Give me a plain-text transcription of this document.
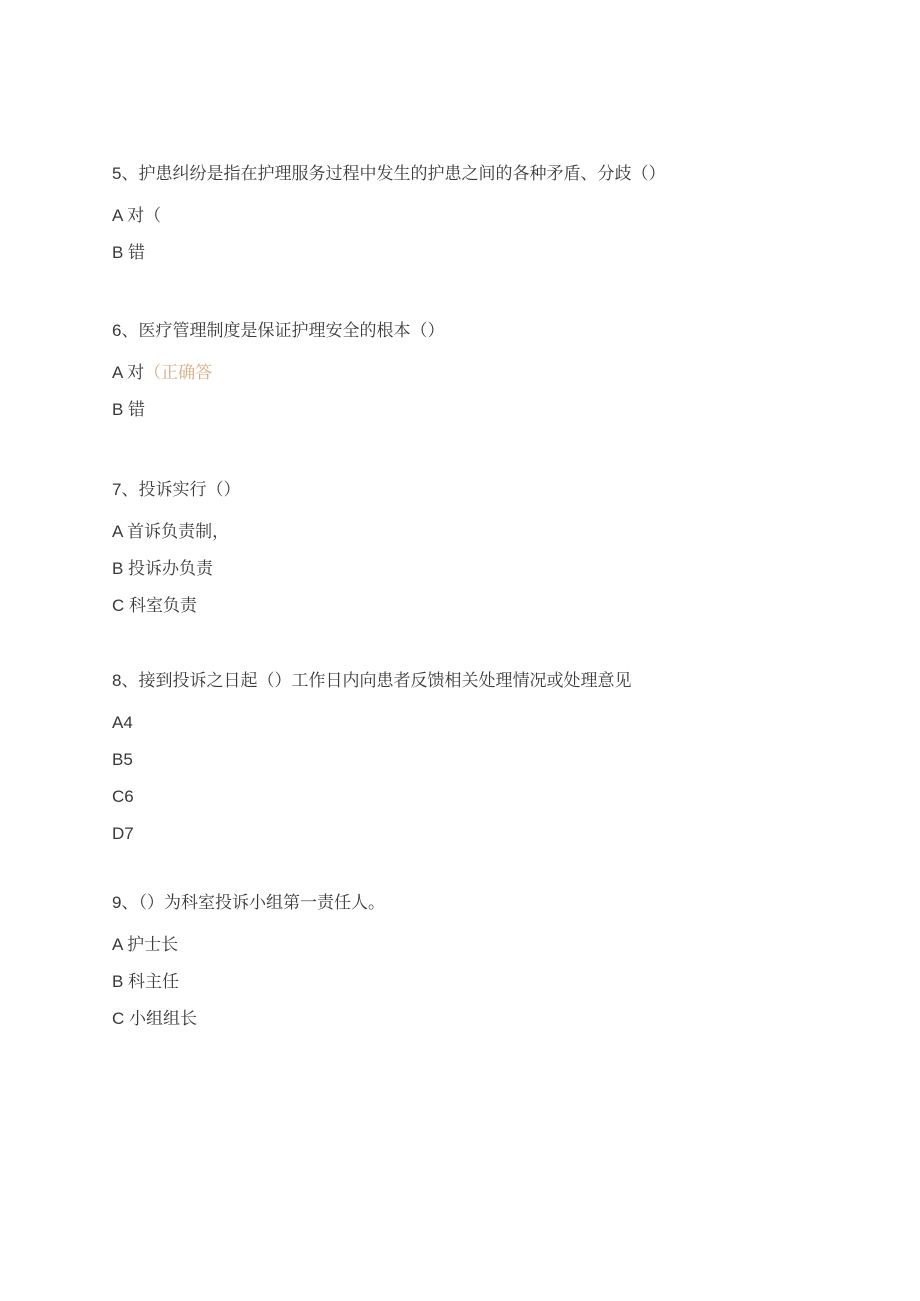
5、护患纠纷是指在护理服务过程中发生的护患之间的各种矛盾、分歧（）

A 对（

B 错

6、医疗管理制度是保证护理安全的根本（）

A 对（正确答

B 错

7、投诉实行（）

A 首诉负责制，

B 投诉办负责

C 科室负责

8、接到投诉之日起（）工作日内向患者反馈相关处理情况或处理意见

A4

B5

C6

D7

9、（）为科室投诉小组第一责任人。

A 护士长

B 科主任

C 小组组长
